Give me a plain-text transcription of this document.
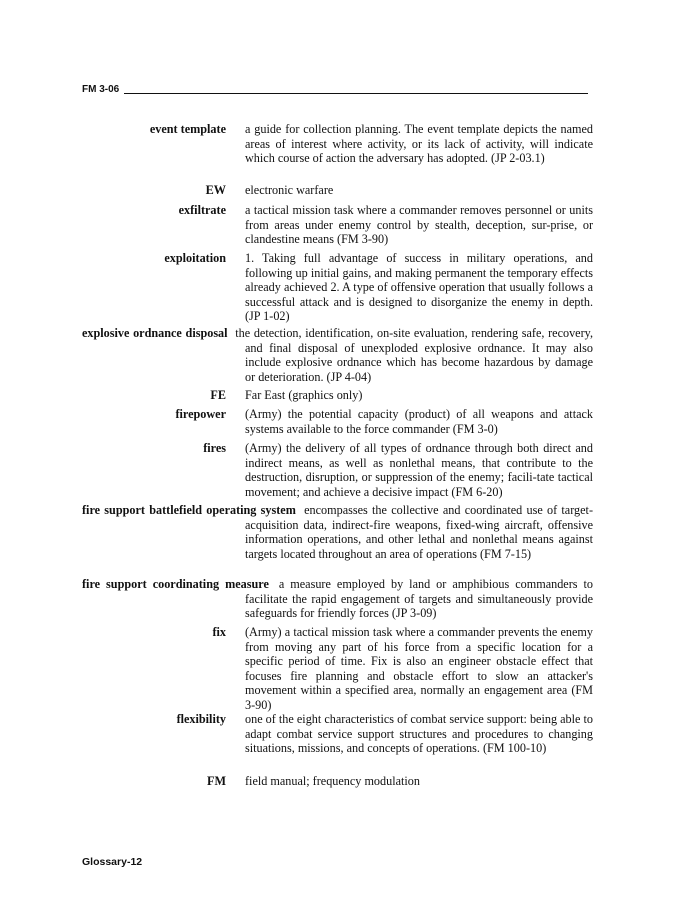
FM 3-06
event template a guide for collection planning. The event template depicts the named areas of interest where activity, or its lack of activity, will indicate which course of action the adversary has adopted. (JP 2-03.1)
EW electronic warfare
exfiltrate a tactical mission task where a commander removes personnel or units from areas under enemy control by stealth, deception, sur-prise, or clandestine means (FM 3-90)
exploitation 1. Taking full advantage of success in military operations, and following up initial gains, and making permanent the temporary effects already achieved 2. A type of offensive operation that usually follows a successful attack and is designed to disorganize the enemy in depth. (JP 1-02)
explosive ordnance disposal the detection, identification, on-site evaluation, rendering safe, recovery, and final disposal of unexploded explosive ordnance. It may also include explosive ordnance which has become hazardous by damage or deterioration. (JP 4-04)
FE Far East (graphics only)
firepower (Army) the potential capacity (product) of all weapons and attack systems available to the force commander (FM 3-0)
fires (Army) the delivery of all types of ordnance through both direct and indirect means, as well as nonlethal means, that contribute to the destruction, disruption, or suppression of the enemy; facili-tate tactical movement; and achieve a decisive impact (FM 6-20)
fire support battlefield operating system encompasses the collective and coordinated use of target-acquisition data, indirect-fire weapons, fixed-wing aircraft, offensive information operations, and other lethal and nonlethal means against targets located throughout an area of operations (FM 7-15)
fire support coordinating measure a measure employed by land or amphibious commanders to facilitate the rapid engagement of targets and simultaneously provide safeguards for friendly forces (JP 3-09)
fix (Army) a tactical mission task where a commander prevents the enemy from moving any part of his force from a specific location for a specific period of time. Fix is also an engineer obstacle effect that focuses fire planning and obstacle effort to slow an attacker's movement within a specified area, normally an engagement area (FM 3-90)
flexibility one of the eight characteristics of combat service support: being able to adapt combat service support structures and procedures to changing situations, missions, and concepts of operations. (FM 100-10)
FM field manual; frequency modulation
Glossary-12
